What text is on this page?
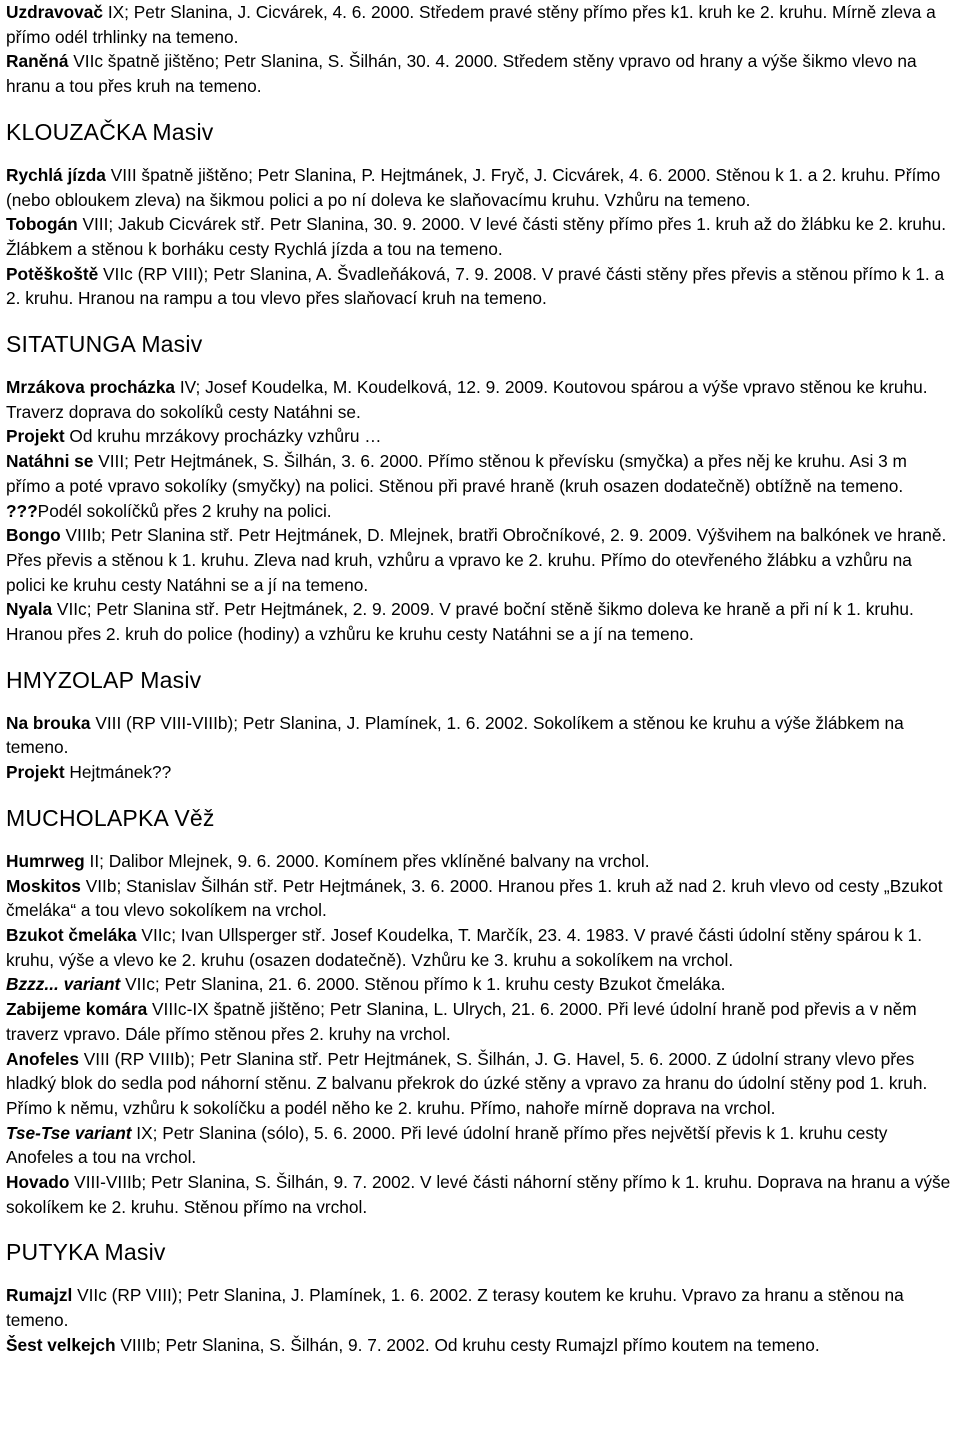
Uzdravovač IX; Petr Slanina, J. Cicvárek, 4. 6. 2000. Středem pravé stěny přímo přes k1. kruh ke 2. kruhu. Mírně zleva a přímo odél trhlinky na temeno.

Raněná VIIc špatně jištěno; Petr Slanina, S. Šilhán, 30. 4. 2000. Středem stěny vpravo od hrany a výše šikmo vlevo na hranu a tou přes kruh na temeno.

KLOUZAČKA Masiv

Rychlá jízda VIII špatně jištěno; Petr Slanina, P. Hejtmánek, J. Fryč, J. Cicvárek, 4. 6. 2000. Stěnou k 1. a 2. kruhu. Přímo (nebo obloukem zleva) na šikmou polici a po ní doleva ke slaňovacímu kruhu. Vzhůru na temeno.

Tobogán VIII; Jakub Cicvárek stř. Petr Slanina, 30. 9. 2000. V levé části stěny přímo přes 1. kruh až do žlábku ke 2. kruhu. Žlábkem a stěnou k borháku cesty Rychlá jízda a tou na temeno.

Potěškoště VIIc (RP VIII); Petr Slanina, A. Švadleňáková, 7. 9. 2008. V pravé části stěny přes převis a stěnou přímo k 1. a 2. kruhu. Hranou na rampu a tou vlevo přes slaňovací kruh na temeno.

SITATUNGA Masiv

Mrzákova procházka IV; Josef Koudelka, M. Koudelková, 12. 9. 2009. Koutovou spárou a výše vpravo stěnou ke kruhu. Traverz doprava do sokolíků cesty Natáhni se.

Projekt Od kruhu mrzákovy procházky vzhůru …

Natáhni se VIII; Petr Hejtmánek, S. Šilhán, 3. 6. 2000. Přímo stěnou k převísku (smyčka) a přes něj ke kruhu. Asi 3 m přímo a poté vpravo sokolíky (smyčky) na polici. Stěnou při pravé hraně (kruh osazen dodatečně) obtížně na temeno.

???Podél sokolíčků přes 2 kruhy na polici.

Bongo VIIIb; Petr Slanina stř. Petr Hejtmánek, D. Mlejnek, bratři Obročníkové, 2. 9. 2009. Výšvihem na balkónek ve hraně. Přes převis a stěnou k 1. kruhu. Zleva nad kruh, vzhůru a vpravo ke 2. kruhu. Přímo do otevřeného žlábku a vzhůru na polici ke kruhu cesty Natáhni se a jí na temeno.

Nyala VIIc; Petr Slanina stř. Petr Hejtmánek, 2. 9. 2009. V pravé boční stěně šikmo doleva ke hraně a při ní k 1. kruhu.

Hranou přes 2. kruh do police (hodiny) a vzhůru ke kruhu cesty Natáhni se a jí na temeno.

HMYZOLAP Masiv

Na brouka VIII (RP VIII-VIIIb); Petr Slanina, J. Plamínek, 1. 6. 2002. Sokolíkem a stěnou ke kruhu a výše žlábkem na temeno.

Projekt Hejtmánek??

MUCHOLAPKA Věž

Humrweg II; Dalibor Mlejnek, 9. 6. 2000. Komínem přes vklíněné balvany na vrchol.

Moskitos VIIb; Stanislav Šilhán stř. Petr Hejtmánek, 3. 6. 2000. Hranou přes 1. kruh až nad 2. kruh vlevo od cesty „Bzukot čmeláka“ a tou vlevo sokolíkem na vrchol.

Bzukot čmeláka VIIc; Ivan Ullsperger stř. Josef Koudelka, T. Marčík, 23. 4. 1983. V pravé části údolní stěny spárou k 1. kruhu, výše a vlevo ke 2. kruhu (osazen dodatečně). Vzhůru ke 3. kruhu a sokolíkem na vrchol.

Bzzz... variant VIIc; Petr Slanina, 21. 6. 2000. Stěnou přímo k 1. kruhu cesty Bzukot čmeláka.

Zabijeme komára VIIIc-IX špatně jištěno; Petr Slanina, L. Ulrych, 21. 6. 2000. Při levé údolní hraně pod převis a v něm traverz vpravo. Dále přímo stěnou přes 2. kruhy na vrchol.

Anofeles VIII (RP VIIIb); Petr Slanina stř. Petr Hejtmánek, S. Šilhán, J. G. Havel, 5. 6. 2000. Z údolní strany vlevo přes hladký blok do sedla pod náhorní stěnu. Z balvanu překrok do úzké stěny a vpravo za hranu do údolní stěny pod 1. kruh. Přímo k němu, vzhůru k sokolíčku a podél něho ke 2. kruhu. Přímo, nahoře mírně doprava na vrchol.

Tse-Tse variant IX; Petr Slanina (sólo), 5. 6. 2000. Při levé údolní hraně přímo přes největší převis k 1. kruhu cesty Anofeles a tou na vrchol.

Hovado VIII-VIIIb; Petr Slanina, S. Šilhán, 9. 7. 2002. V levé části náhorní stěny přímo k 1. kruhu. Doprava na hranu a výše sokolíkem ke 2. kruhu. Stěnou přímo na vrchol.

PUTYKA Masiv

Rumajzl VIIc (RP VIII); Petr Slanina, J. Plamínek, 1. 6. 2002. Z terasy koutem ke kruhu. Vpravo za hranu a stěnou na temeno.

Šest velkejch VIIIb; Petr Slanina, S. Šilhán, 9. 7. 2002. Od kruhu cesty Rumajzl přímo koutem na temeno.
